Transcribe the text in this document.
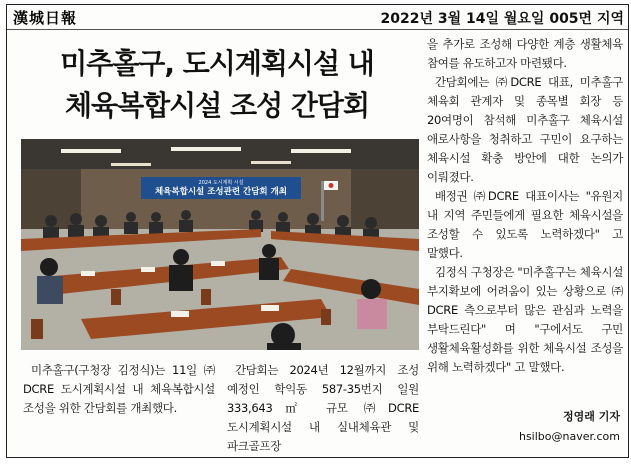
漢城日報	2022년 3월 14일 월요일 005면 지역
미추홀구, 도시계획시설 내
체육복합시설 조성 간담회
2024 도시계획 시설
체육복합시설 조성관련 간담회 개최

미추홀구(구청장 김정식)는 11일 ㈜DCRE 도시계획시설 내 체육복합시설 조성을 위한 간담회를 개최했다.

간담회는 2024년 12월까지 조성 예정인 학익동 587-35번지 일원 333,643㎡ 규모 ㈜DCRE 도시계획시설 내 실내체육관 및 파크골프장

을 추가로 조성해 다양한 계층 생활체육 참여를 유도하고자 마련됐다.

간담회에는 ㈜DCRE 대표, 미추홀구 체육회 관계자 및 종목별 회장 등 20여명이 참석해 미추홀구 체육시설 애로사항을 청취하고 구민이 요구하는 체육시설 확충 방안에 대한 논의가 이뤄졌다.

배정권 ㈜DCRE 대표이사는 "유원지 내 지역 주민들에게 필요한 체육시설을 조성할 수 있도록 노력하겠다" 고 말했다.

김정식 구청장은 "미추홀구는 체육시설 부지확보에 어려움이 있는 상황으로 ㈜DCRE 측으로부터 많은 관심과 노력을 부탁드린다" 며 "구에서도 구민 생활체육활성화를 위한 체육시설 조성을 위해 노력하겠다" 고 말했다.

정영래 기자
hsilbo@naver.com
